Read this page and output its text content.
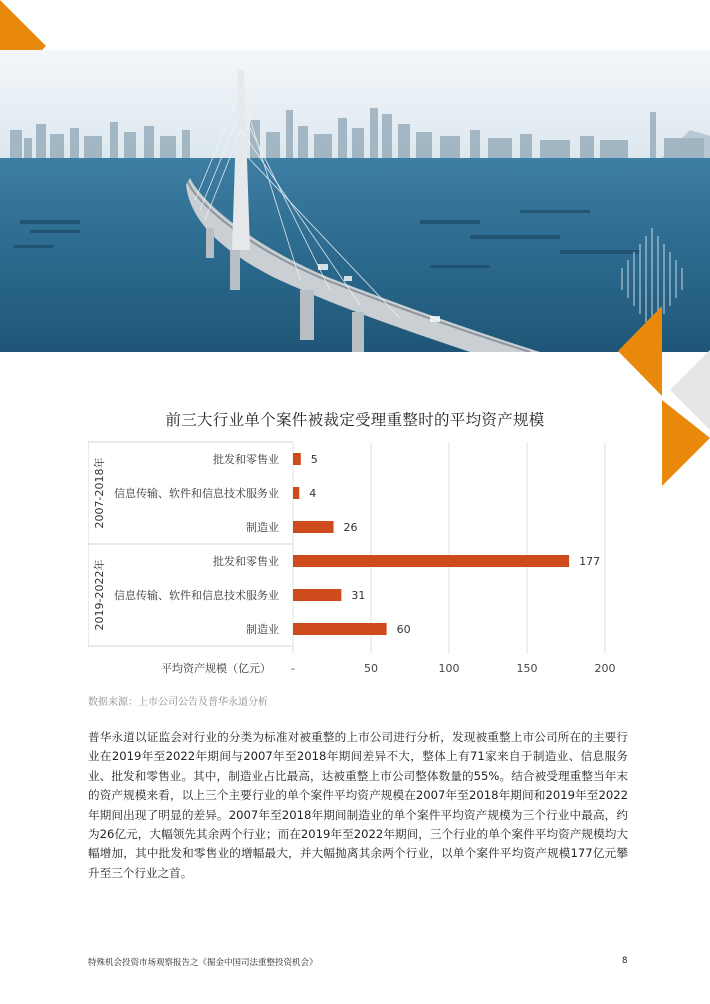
前三大行业单个案件被裁定受理重整时的平均资产规模
-	50	100	150	200
平均资产规模（亿元）
2007-2018年	批发和零售业	5
信息传输、软件和信息技术服务业	4
制造业	26
2019-2022年	批发和零售业	177
信息传输、软件和信息技术服务业	31
制造业	60
数据来源：上市公司公告及普华永道分析
普华永道以证监会对行业的分类为标准对被重整的上市公司进行分析，发现被重整上市公司所在的主要行业在2019年至2022年期间与2007年至2018年期间差异不大，整体上有71家来自于制造业、信息服务业、批发和零售业。其中，制造业占比最高，达被重整上市公司整体数量的55%。结合被受理重整当年末的资产规模来看，以上三个主要行业的单个案件平均资产规模在2007年至2018年期间和2019年至2022年期间出现了明显的差异。2007年至2018年期间制造业的单个案件平均资产规模为三个行业中最高，约为26亿元，大幅领先其余两个行业；而在2019年至2022年期间，三个行业的单个案件平均资产规模均大幅增加，其中批发和零售业的增幅最大，并大幅抛离其余两个行业，以单个案件平均资产规模177亿元攀升至三个行业之首。
特殊机会投资市场观察报告之《掘金中国司法重整投资机会》	8
